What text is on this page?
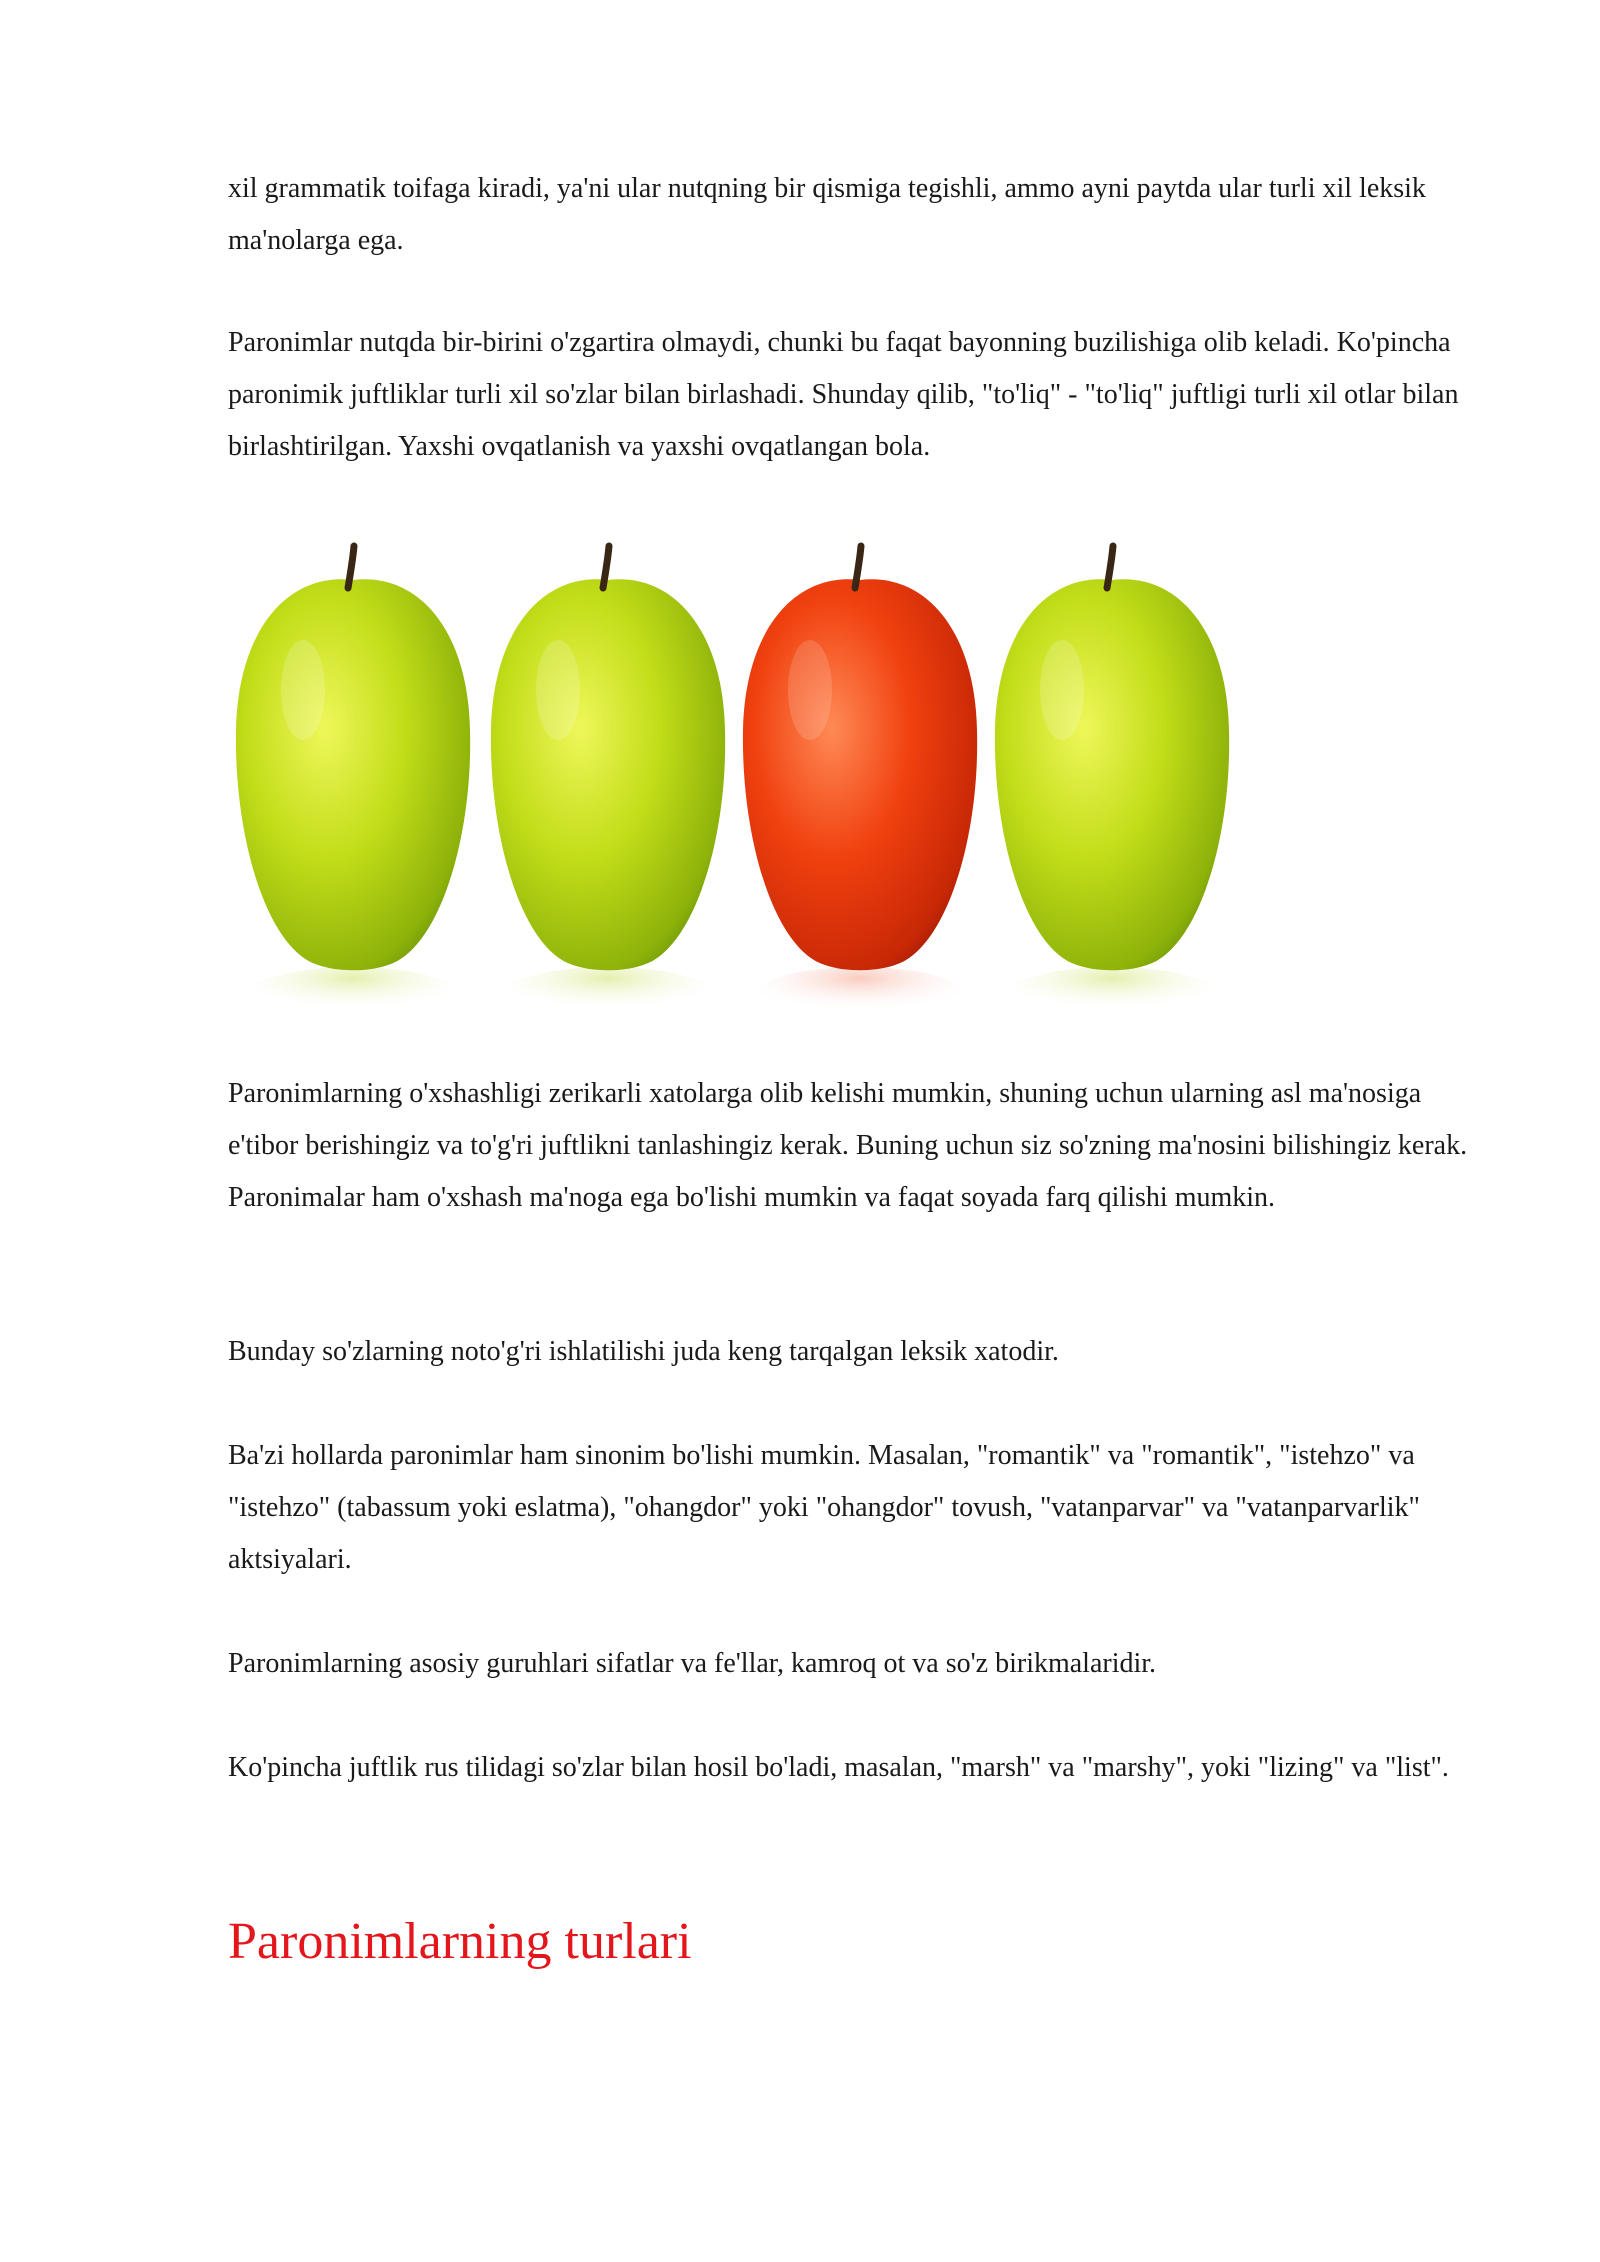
xil grammatik toifaga kiradi, ya'ni ular nutqning bir qismiga tegishli, ammo ayni paytda ular turli xil leksik ma'nolarga ega.

Paronimlar nutqda bir-birini o'zgartira olmaydi, chunki bu faqat bayonning buzilishiga olib keladi. Ko'pincha paronimik juftliklar turli xil so'zlar bilan birlashadi. Shunday qilib, "to'liq" - "to'liq" juftligi turli xil otlar bilan birlashtirilgan. Yaxshi ovqatlanish va yaxshi ovqatlangan bola.

Paronimlarning o'xshashligi zerikarli xatolarga olib kelishi mumkin, shuning uchun ularning asl ma'nosiga e'tibor berishingiz va to'g'ri juftlikni tanlashingiz kerak. Buning uchun siz so'zning ma'nosini bilishingiz kerak. Paronimalar ham o'xshash ma'noga ega bo'lishi mumkin va faqat soyada farq qilishi mumkin.

Bunday so'zlarning noto'g'ri ishlatilishi juda keng tarqalgan leksik xatodir.

Ba'zi hollarda paronimlar ham sinonim bo'lishi mumkin. Masalan, "romantik" va "romantik", "istehzo" va "istehzo" (tabassum yoki eslatma), "ohangdor" yoki "ohangdor" tovush, "vatanparvar" va "vatanparvarlik" aktsiyalari.

Paronimlarning asosiy guruhlari sifatlar va fe'llar, kamroq ot va so'z birikmalaridir.

Ko'pincha juftlik rus tilidagi so'zlar bilan hosil bo'ladi, masalan, "marsh" va "marshy", yoki "lizing" va "list".

Paronimlarning turlari
